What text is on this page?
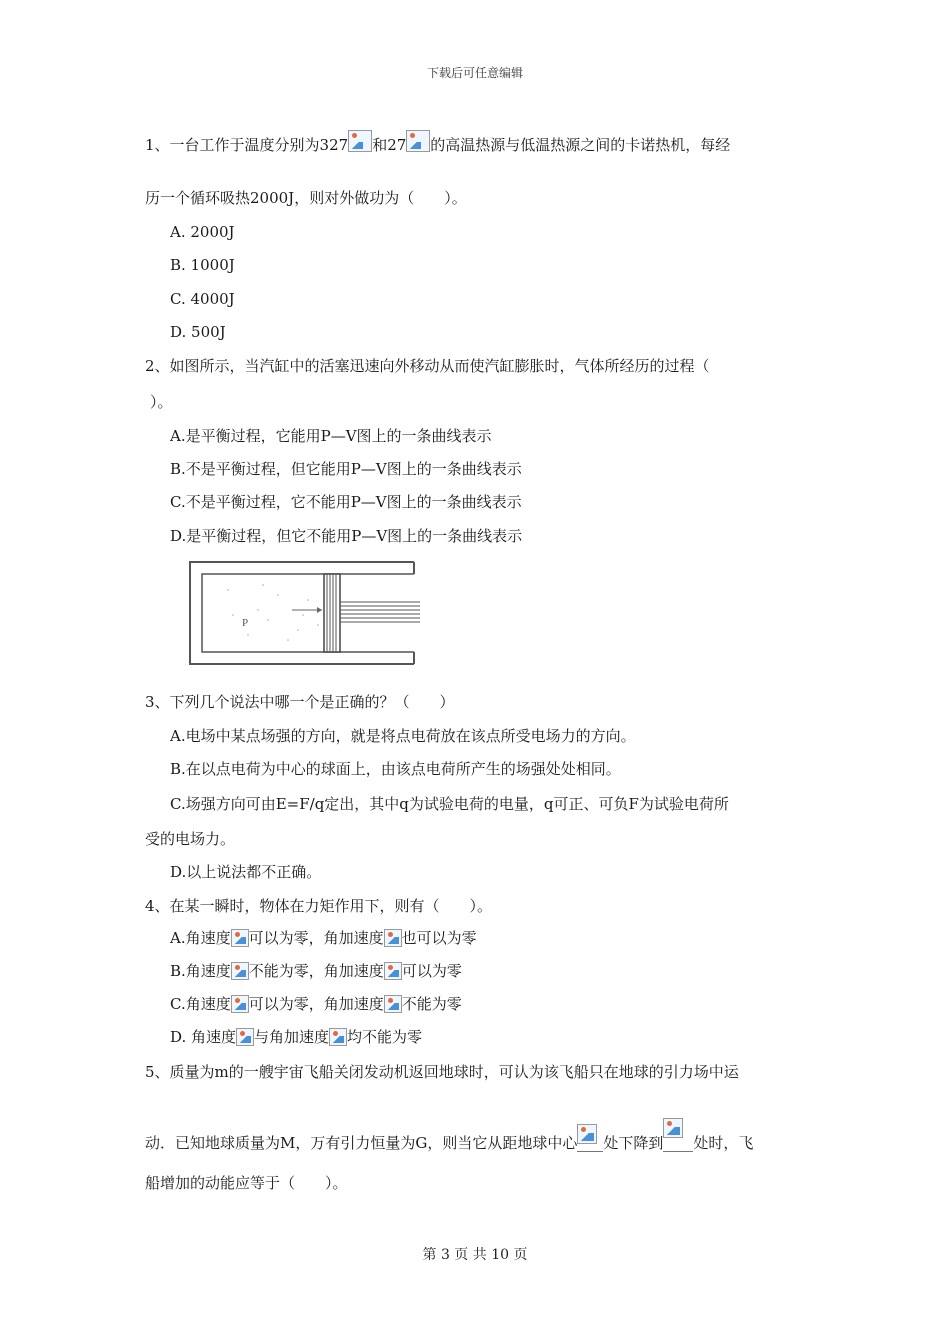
下载后可任意编辑
1、一台工作于温度分别为327 和27 的高温热源与低温热源之间的卡诺热机，每经
历一个循环吸热2000J，则对外做功为（　　）。
A. 2000J
B. 1000J
C. 4000J
D. 500J
2、如图所示，当汽缸中的活塞迅速向外移动从而使汽缸膨胀时，气体所经历的过程（
）。
A.是平衡过程，它能用P—V图上的一条曲线表示
B.不是平衡过程，但它能用P—V图上的一条曲线表示
C.不是平衡过程，它不能用P—V图上的一条曲线表示
D.是平衡过程，但它不能用P—V图上的一条曲线表示
P
3、下列几个说法中哪一个是正确的？（　　）
A.电场中某点场强的方向，就是将点电荷放在该点所受电场力的方向。
B.在以点电荷为中心的球面上，由该点电荷所产生的场强处处相同。
C.场强方向可由E=F/q定出，其中q为试验电荷的电量，q可正、可负F为试验电荷所
受的电场力。
D.以上说法都不正确。
4、在某一瞬时，物体在力矩作用下，则有（　　）。
A.角速度 可以为零，角加速度 也可以为零
B.角速度 不能为零，角加速度 可以为零
C.角速度 可以为零，角加速度 不能为零
D. 角速度 与角加速度 均不能为零
5、质量为m的一艘宇宙飞船关闭发动机返回地球时，可认为该飞船只在地球的引力场中运
动．已知地球质量为M，万有引力恒量为G，则当它从距地球中心 处下降到 处时，飞
船增加的动能应等于（　　）。
第 3 页 共 10 页
